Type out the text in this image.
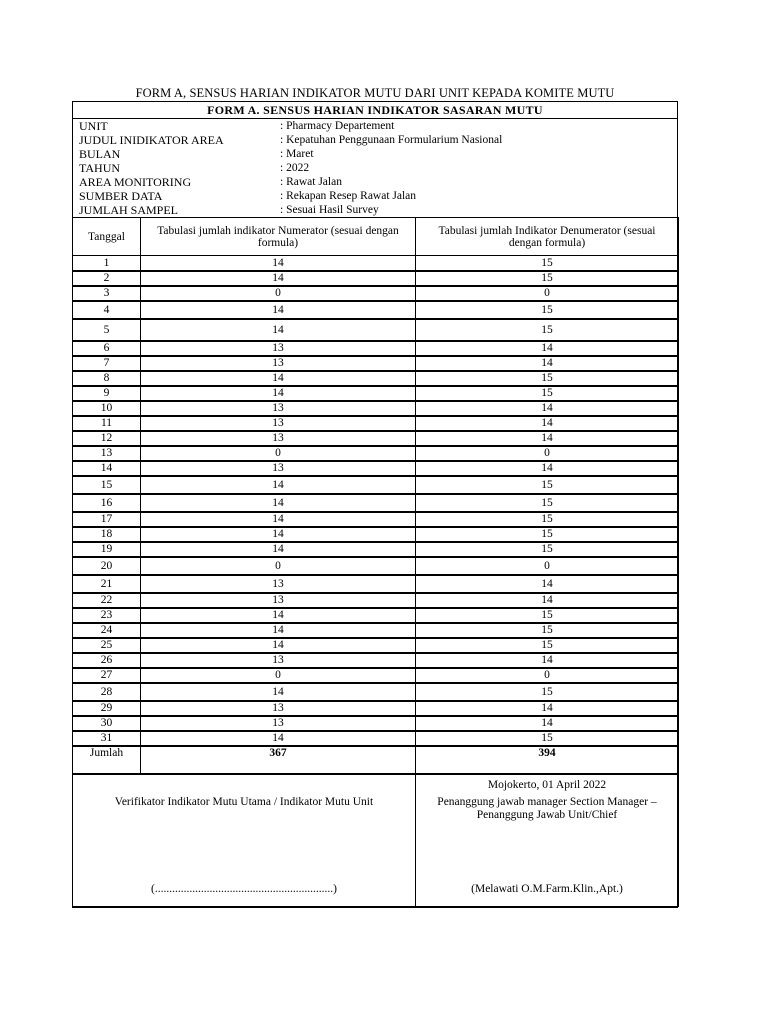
FORM A, SENSUS HARIAN INDIKATOR MUTU DARI UNIT KEPADA KOMITE MUTU
FORM A. SENSUS HARIAN INDIKATOR SASARAN MUTU
UNIT	: Pharmacy Departement
JUDUL INIDIKATOR AREA	: Kepatuhan Penggunaan Formularium Nasional
BULAN	: Maret
TAHUN	: 2022
AREA MONITORING	: Rawat Jalan
SUMBER DATA	: Rekapan Resep Rawat Jalan
JUMLAH SAMPEL	: Sesuai Hasil Survey
Tanggal	Tabulasi jumlah indikator Numerator (sesuai dengan formula)	Tabulasi jumlah Indikator Denumerator (sesuai dengan formula)
1	14	15
2	14	15
3	0	0
4	14	15
5	14	15
6	13	14
7	13	14
8	14	15
9	14	15
10	13	14
11	13	14
12	13	14
13	0	0
14	13	14
15	14	15
16	14	15
17	14	15
18	14	15
19	14	15
20	0	0
21	13	14
22	13	14
23	14	15
24	14	15
25	14	15
26	13	14
27	0	0
28	14	15
29	13	14
30	13	14
31	14	15
Jumlah	367	394
Verifikator Indikator Mutu Utama / Indikator Mutu Unit
(..............................................................)

Mojokerto, 01 April 2022
Penanggung jawab manager Section Manager – Penanggung Jawab Unit/Chief
(Melawati O.M.Farm.Klin.,Apt.)
